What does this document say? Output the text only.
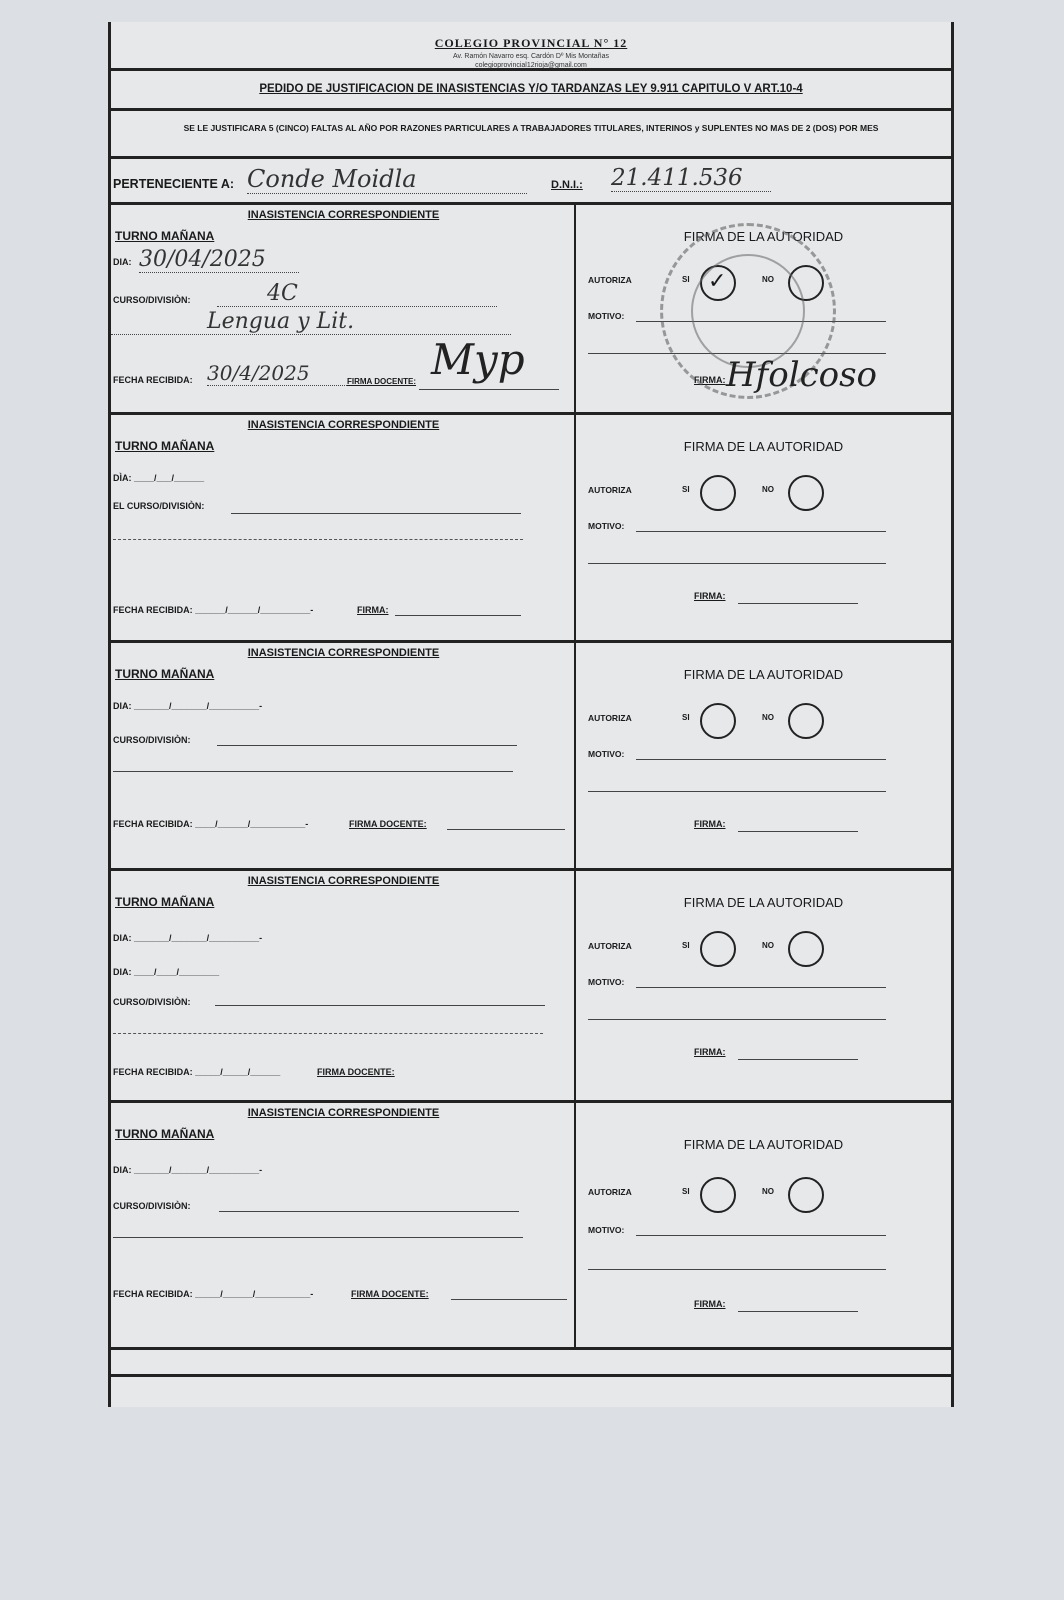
COLEGIO PROVINCIAL N° 12
Av. Ramón Navarro esq. Cardón Dº Mis Montañas
colegioprovincial12rioja@gmail.com
PEDIDO DE JUSTIFICACION DE INASISTENCIAS Y/O TARDANZAS LEY 9.911 CAPITULO V ART.10-4
SE LE JUSTIFICARA 5 (CINCO) FALTAS AL AÑO POR RAZONES PARTICULARES A TRABAJADORES TITULARES, INTERINOS y SUPLENTES NO MAS DE 2 (DOS) POR MES
PERTENECIENTE A: Conde Moidla	D.N.I.: 21.411.536
INASISTENCIA CORRESPONDIENTE
TURNO MAÑANA
DIA: 30/04/2025
CURSO/DIVISIÒN:	4C
Lengua y Lit.
FECHA RECIBIDA: 30/4/2025	FIRMA DOCENTE: Myp
FIRMA DE LA AUTORIDAD
AUTORIZA	SI ✓	NO
MOTIVO:
FIRMA: Hfolcoso
INASISTENCIA CORRESPONDIENTE
TURNO MAÑANA
DÌA: ____/___/______
EL CURSO/DIVISIÒN:
FECHA RECIBIDA: ______/______/__________-	FIRMA:
FIRMA DE LA AUTORIDAD
AUTORIZA	SI	NO
MOTIVO:
FIRMA:
INASISTENCIA CORRESPONDIENTE
TURNO MAÑANA
DIA: _______/_______/__________-
CURSO/DIVISIÒN:
FECHA RECIBIDA: ____/______/___________-	FIRMA DOCENTE:
FIRMA DE LA AUTORIDAD
AUTORIZA	SI	NO
MOTIVO:
FIRMA:
INASISTENCIA CORRESPONDIENTE
TURNO MAÑANA
DIA: _______/_______/__________-
DIA: ____/____/________
CURSO/DIVISIÒN:
FECHA RECIBIDA: _____/_____/______	FIRMA DOCENTE:
FIRMA DE LA AUTORIDAD
AUTORIZA	SI	NO
MOTIVO:
FIRMA:
INASISTENCIA CORRESPONDIENTE
TURNO MAÑANA
DIA: _______/_______/__________-
CURSO/DIVISIÒN:
FECHA RECIBIDA: _____/______/___________-	FIRMA DOCENTE:
FIRMA DE LA AUTORIDAD
AUTORIZA	SI	NO
MOTIVO:
FIRMA:
